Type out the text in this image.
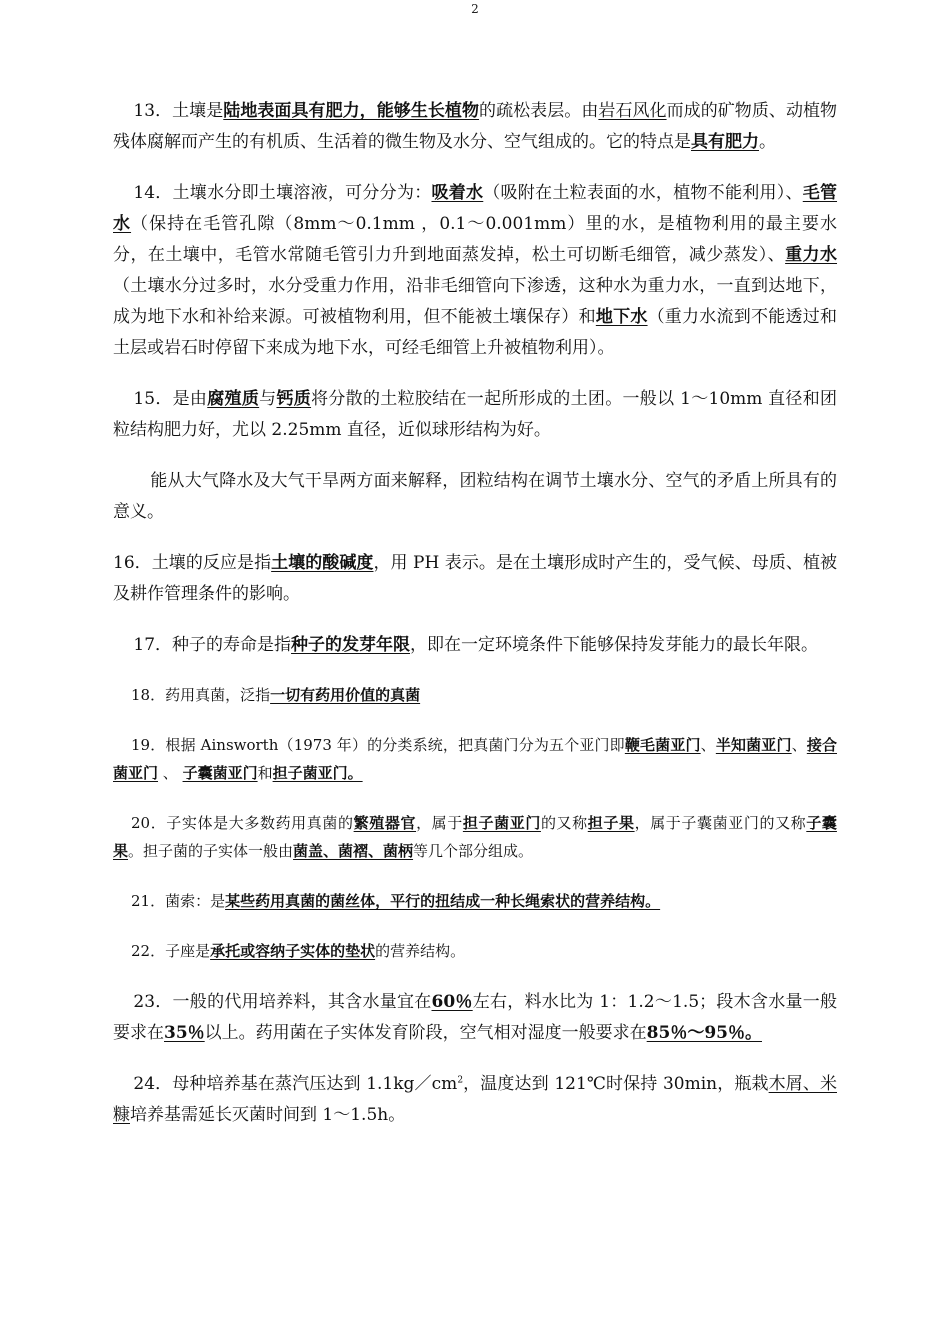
2

13．土壤是陆地表面具有肥力，能够生长植物的疏松表层。由岩石风化而成的矿物质、动植物残体腐解而产生的有机质、生活着的微生物及水分、空气组成的。它的特点是具有肥力。

14．土壤水分即土壤溶液，可分分为：吸着水（吸附在土粒表面的水，植物不能利用）、毛管水（保持在毛管孔隙（8mm～0.1mm ，0.1～0.001mm）里的水，是植物利用的最主要水分，在土壤中，毛管水常随毛管引力升到地面蒸发掉，松土可切断毛细管，减少蒸发）、重力水（土壤水分过多时，水分受重力作用，沿非毛细管向下渗透，这种水为重力水，一直到达地下，成为地下水和补给来源。可被植物利用，但不能被土壤保存）和地下水（重力水流到不能透过和土层或岩石时停留下来成为地下水，可经毛细管上升被植物利用）。

15．是由腐殖质与钙质将分散的土粒胶结在一起所形成的土团。一般以 1～10mm 直径和团粒结构肥力好，尤以 2.25mm 直径，近似球形结构为好。

能从大气降水及大气干旱两方面来解释，团粒结构在调节土壤水分、空气的矛盾上所具有的意义。

16．土壤的反应是指土壤的酸碱度，用 PH 表示。是在土壤形成时产生的，受气候、母质、植被及耕作管理条件的影响。

17．种子的寿命是指种子的发芽年限，即在一定环境条件下能够保持发芽能力的最长年限。

18．药用真菌，泛指一切有药用价值的真菌

19．根据 Ainsworth（1973 年）的分类系统，把真菌门分为五个亚门即鞭毛菌亚门、半知菌亚门、接合菌亚门 、 子囊菌亚门和担子菌亚门。

20．子实体是大多数药用真菌的繁殖器官，属于担子菌亚门的又称担子果，属于子囊菌亚门的又称子囊果。担子菌的子实体一般由菌盖、菌褶、菌柄等几个部分组成。

21．菌索：是某些药用真菌的菌丝体，平行的扭结成一种长绳索状的营养结构。

22．子座是承托或容纳子实体的垫状的营养结构。

23．一般的代用培养料，其含水量宜在60％左右，料水比为 1：1.2～1.5；段木含水量一般要求在35％以上。药用菌在子实体发育阶段，空气相对湿度一般要求在85％～95％。

24．母种培养基在蒸汽压达到 $1.1kg/cm^2$，温度达到 121℃时保持 30min，瓶栽木屑、米糠培养基需延长灭菌时间到 1～1.5h。
